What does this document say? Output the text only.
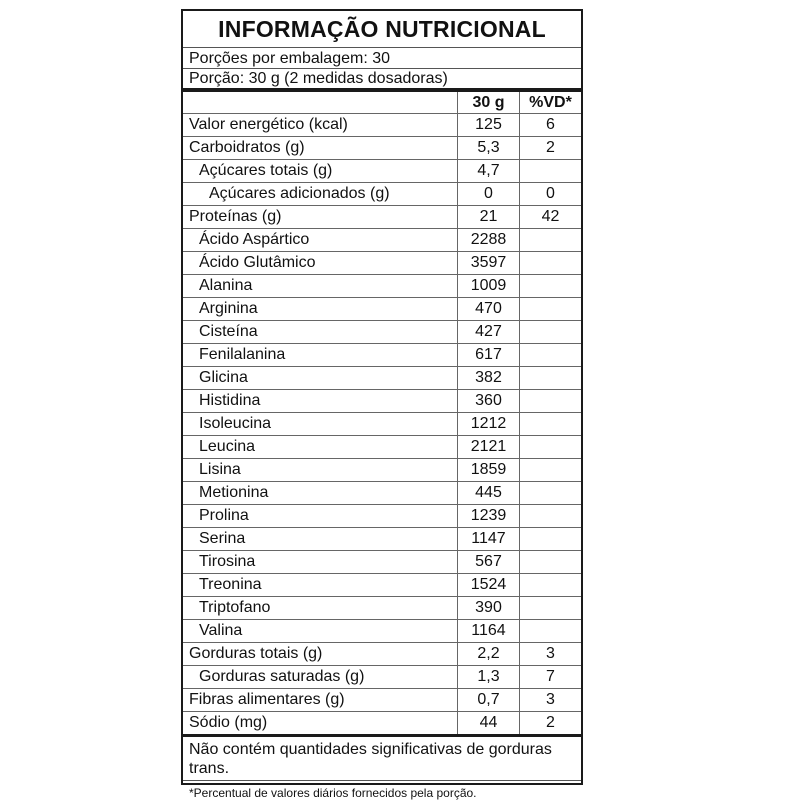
INFORMAÇÃO NUTRICIONAL
Porções por embalagem: 30
Porção: 30 g (2 medidas dosadoras)
	30 g	%VD*
Valor energético (kcal)	125	6
Carboidratos (g)	5,3	2
Açúcares totais (g)	4,7	
Açúcares adicionados (g)	0	0
Proteínas (g)	21	42
Ácido Aspártico	2288	
Ácido Glutâmico	3597	
Alanina	1009	
Arginina	470	
Cisteína	427	
Fenilalanina	617	
Glicina	382	
Histidina	360	
Isoleucina	1212	
Leucina	2121	
Lisina	1859	
Metionina	445	
Prolina	1239	
Serina	1147	
Tirosina	567	
Treonina	1524	
Triptofano	390	
Valina	1164	
Gorduras totais (g)	2,2	3
Gorduras saturadas (g)	1,3	7
Fibras alimentares (g)	0,7	3
Sódio (mg)	44	2
Não contém quantidades significativas de gorduras trans.
*Percentual de valores diários fornecidos pela porção.
